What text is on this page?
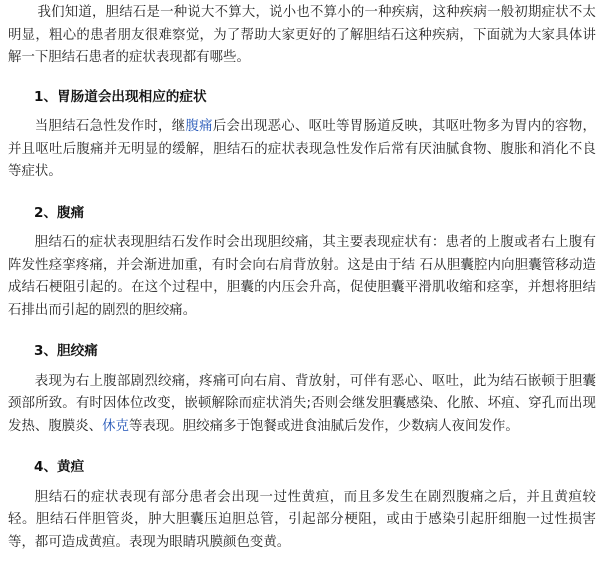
我们知道，胆结石是一种说大不算大，说小也不算小的一种疾病，这种疾病一般初期症状不太明显，粗心的患者朋友很难察觉，为了帮助大家更好的了解胆结石这种疾病，下面就为大家具体讲解一下胆结石患者的症状表现都有哪些。

1、胃肠道会出现相应的症状

当胆结石急性发作时，继腹痛后会出现恶心、呕吐等胃肠道反映，其呕吐物多为胃内的容物，并且呕吐后腹痛并无明显的缓解，胆结石的症状表现急性发作后常有厌油腻食物、腹胀和消化不良等症状。

2、腹痛

胆结石的症状表现胆结石发作时会出现胆绞痛，其主要表现症状有：患者的上腹或者右上腹有阵发性痉挛疼痛，并会渐进加重，有时会向右肩背放射。这是由于结 石从胆囊腔内向胆囊管移动造成结石梗阻引起的。在这个过程中，胆囊的内压会升高，促使胆囊平滑肌收缩和痉挛，并想将胆结石排出而引起的剧烈的胆绞痛。

3、胆绞痛

表现为右上腹部剧烈绞痛，疼痛可向右肩、背放射，可伴有恶心、呕吐，此为结石嵌顿于胆囊颈部所致。有时因体位改变，嵌顿解除而症状消失;否则会继发胆囊感染、化脓、坏疽、穿孔而出现发热、腹膜炎、休克等表现。胆绞痛多于饱餐或进食油腻后发作，少数病人夜间发作。

4、黄疸

胆结石的症状表现有部分患者会出现一过性黄疸，而且多发生在剧烈腹痛之后，并且黄疸较轻。胆结石伴胆管炎，肿大胆囊压迫胆总管，引起部分梗阻，或由于感染引起肝细胞一过性损害等，都可造成黄疸。表现为眼睛巩膜颜色变黄。
